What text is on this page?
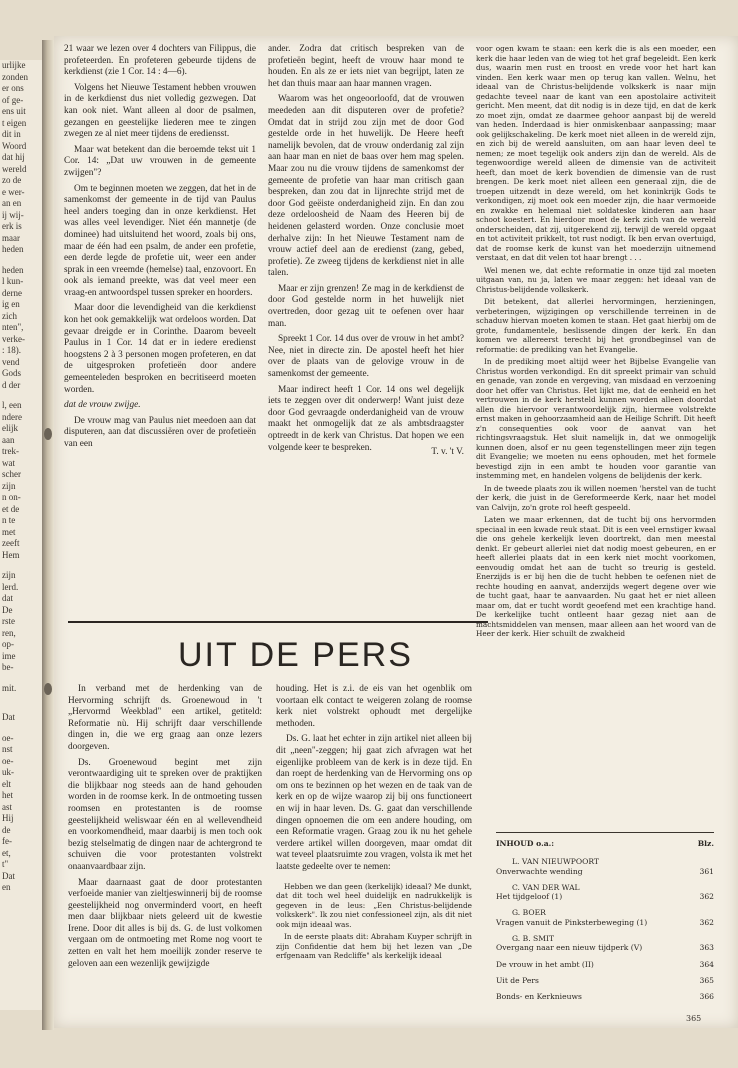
urlijke

zonden

er ons

of ge-

ens uit

t eigen

dit in

Woord

dat hij

wereld

zo de

e wer-

an en

ij wij-

erk is

maar

heden

heden

l kun-

derne

ig en

zich

nten",

verke-

: 18).

vend

Gods

d der

l, een

ndere

elijk

aan

trek-

wat

scher

zijn

n on-

et de

n te

met

zeeft

Hem

zijn

lerd.

dat

De

rste

ren,

op-

ime

be-

mit.

Dat

oe-

nst

oe-

uk-

elt

het

ast

Hij

de

fe-

et,

t"

Dat

en

21 waar we lezen over 4 dochters van Filippus, die profeteerden. En profeteren gebeurde tijdens de kerkdienst (zie 1 Cor. 14 : 4—6).

Volgens het Nieuwe Testament hebben vrouwen in de kerkdienst dus niet volledig gezwegen. Dat kan ook niet. Want alleen al door de psalmen, gezangen en geestelijke liederen mee te zingen zwegen ze al niet meer tijdens de erediensst.

Maar wat betekent dan die beroemde tekst uit 1 Cor. 14: „Dat uw vrouwen in de gemeente zwijgen"?

Om te beginnen moeten we zeggen, dat het in de samenkomst der gemeente in de tijd van Paulus heel anders toeging dan in onze kerkdienst. Het was alles veel levendiger. Niet één mannetje (de dominee) had uitsluitend het woord, zoals bij ons, maar de één had een psalm, de ander een profetie, een derde legde de profetie uit, weer een ander sprak in een vreemde (hemelse) taal, enzovoort. En ook als iemand preekte, was dat veel meer een vraag-en antwoordspel tussen spreker en hoorders.

Maar door die levendigheid van die kerkdienst kon het ook gemakkelijk wat ordeloos worden. Dat gevaar dreigde er in Corinthe. Daarom beveelt Paulus in 1 Cor. 14 dat er in iedere eredienst hoogstens 2 à 3 personen mogen profeteren, en dat de uitgesproken profetieën door andere gemeenteleden besproken en becritiseerd moeten worden.

dat de vrouw zwijge.

De vrouw mag van Paulus niet meedoen aan dat disputeren, aan dat discussiëren over de profetieën van een

ander. Zodra dat critisch bespreken van de profetieën begint, heeft de vrouw haar mond te houden. En als ze er iets niet van begrijpt, laten ze het dan thuis maar aan haar mannen vragen.

Waarom was het ongeoorloofd, dat de vrouwen meededen aan dit disputeren over de profetie? Omdat dat in strijd zou zijn met de door God gestelde orde in het huwelijk. De Heere heeft namelijk bevolen, dat de vrouw onderdanig zal zijn aan haar man en niet de baas over hem mag spelen. Maar zou nu die vrouw tijdens de samenkomst der gemeente de profetie van haar man critisch gaan bespreken, dan zou dat in lijnrechte strijd met de door God geëiste onderdanigheid zijn. En dan zou deze ordeloosheid de Naam des Heeren bij de heidenen gelasterd worden. Onze conclusie moet derhalve zijn: In het Nieuwe Testament nam de vrouw actief deel aan de eredienst (zang, gebed, profetie). Ze zweeg tijdens de kerkdienst niet in alle talen.

Maar er zijn grenzen! Ze mag in de kerkdienst de door God gestelde norm in het huwelijk niet overtreden, door gezag uit te oefenen over haar man.

Spreekt 1 Cor. 14 dus over de vrouw in het ambt? Nee, niet in directe zin. De apostel heeft het hier over de plaats van de gelovige vrouw in de samenkomst der gemeente.

Maar indirect heeft 1 Cor. 14 ons wel degelijk iets te zeggen over dit onderwerp! Want juist deze door God gevraagde onderdanigheid van de vrouw maakt het onmogelijk dat ze als ambtsdraagster optreedt in de kerk van Christus. Dat hopen we een volgende keer te bespreken.	T. v. 't V.

voor ogen kwam te staan: een kerk die is als een moeder, een kerk die haar leden van de wieg tot het graf begeleidt. Een kerk dus, waarin men rust en troost en vrede voor het hart kan vinden. Een kerk waar men op terug kan vallen. Welnu, het ideaal van de Christus-belijdende volkskerk is naar mijn gedachte teveel naar de kant van een apostolaire activiteit gericht. Men meent, dat dit nodig is in deze tijd, en dat de kerk zo moet zijn, omdat ze daarmee gehoor aanpast bij de wereld van heden. Inderdaad is hier onmiskenbaar aanpassing; maar ook gelijkschakeling. De kerk moet niet alleen in de wereld zijn, en zich bij de wereld aansluiten, om aan haar leven deel te nemen; ze moet tegelijk ook anders zijn dan de wereld. Als de tegenwoordige wereld alleen de dimensie van de activiteit heeft, dan moet de kerk bovendien de dimensie van de rust brengen. De kerk moet niet alleen een generaal zijn, die de troepen uitzendt in deze wereld, om het koninkrijk Gods te verkondigen, zij moet ook een moeder zijn, die haar vermoeide en zwakke en helemaal niet soldateske kinderen aan haar schoot koestert. En hierdoor moet de kerk zich van de wereld onderscheiden, dat zij, uitgerekend zij, terwijl de wereld opgaat en tot activiteit prikkelt, tot rust nodigt. Ik ben ervan overtuigd, dat de roomse kerk de kunst van het moederzijn uitnemend verstaat, en dat dit velen tot haar brengt . . .

Wel menen we, dat echte reformatie in onze tijd zal moeten uitgaan van, nu ja, laten we maar zeggen: het ideaal van de Christus-belijdende volkskerk.

Dit betekent, dat allerlei hervormingen, herzieningen, verbeteringen, wijzigingen op verschillende terreinen in de schaduw hiervan moeten komen te staan. Het gaat hierbij om de grote, fundamentele, beslissende dingen der kerk. En dan komen we allereerst terecht bij het grondbeginsel van de reformatie: de prediking van het Evangelie.

In de prediking moet altijd weer het Bijbelse Evangelie van Christus worden verkondigd. En dit spreekt primair van schuld en genade, van zonde en vergeving, van misdaad en verzoening door het offer van Christus. Het lijkt me, dat de eenheid en het vertrouwen in de kerk hersteld kunnen worden alleen doordat allen die hiervoor verantwoordelijk zijn, hiermee volstrekte ernst maken in gehoorzaamheid aan de Heilige Schrift. Dit heeft z'n consequenties ook voor de aanvat van het richtingsvraagstuk. Het sluit namelijk in, dat we onmogelijk kunnen doen, alsof er nu geen tegenstellingen meer zijn tegen dit Evangelie; we moeten nu eens ophouden, met het formele bevestigd zijn in een ambt te houden voor garantie van instemming met, en handelen volgens de belijdenis der kerk.

In de tweede plaats zou ik willen noemen 'herstel van de tucht der kerk, die juist in de Gereformeerde Kerk, naar het model van Calvijn, zo'n grote rol heeft gespeeld.

Laten we maar erkennen, dat de tucht bij ons hervormden speciaal in een kwade reuk staat. Dit is een veel ernstiger kwaal die ons gehele kerkelijk leven doortrekt, dan men meestal denkt. Er gebeurt allerlei niet dat nodig moest gebeuren, en er heeft allerlei plaats dat in een kerk niet mocht voorkomen, eenvoudig omdat het aan de tucht so treurig is gesteld. Enerzijds is er bij hen die de tucht hebben te oefenen niet de rechte houding en aanvat, anderzijds wegert degene over wie de tucht gaat, haar te aanvaarden. Nu gaat het er niet alleen maar om, dat er tucht wordt geoefend met een krachtige hand. De kerkelijke tucht ontleent haar gezag niet aan de machtsmiddelen van mensen, maar alleen aan het woord van de Heer der kerk. Hier schuilt de zwakheid

UIT DE PERS

In verband met de herdenking van de Hervorming schrijft ds. Groenewoud in 't „Hervormd Weekblad" een artikel, getiteld: Reformatie nù. Hij schrijft daar verschillende dingen in, die we erg graag aan onze lezers doorgeven.

Ds. Groenewoud begint met zijn verontwaardiging uit te spreken over de praktijken die blijkbaar nog steeds aan de hand gehouden worden in de roomse kerk. In de ontmoeting tussen roomsen en protestanten is de roomse geestelijkheid weliswaar één en al wellevendheid en voorkomendheid, maar daarbij is men toch ook bezig stelselmatig de dingen naar de achtergrond te schuiven die voor protestanten volstrekt onaanvaardbaar zijn.

Maar daarnaast gaat de door protestanten verfoeide manier van zieltjeswinnerij bij de roomse geestelijkheid nog onverminderd voort, en heeft men daar blijkbaar niets geleerd uit de kwestie Irene. Door dit alles is bij ds. G. de lust volkomen vergaan om de ontmoeting met Rome nog voort te zetten en valt het hem moeilijk zonder reserve te geloven aan een wezenlijk gewijzigde

houding. Het is z.i. de eis van het ogenblik om voortaan elk contact te weigeren zolang de roomse kerk niet volstrekt ophoudt met dergelijke methoden.

Ds. G. laat het echter in zijn artikel niet alleen bij dit „neen"-zeggen; hij gaat zich afvragen wat het eigenlijke probleem van de kerk is in deze tijd. En dan roept de herdenking van de Hervorming ons op om ons te bezinnen op het wezen en de taak van de kerk en op de wijze waarop zij bij ons functioneert en wij in haar leven. Ds. G. gaat dan verschillende dingen opnoemen die om een andere houding, om een Reformatie vragen. Graag zou ik nu het gehele verdere artikel willen doorgeven, maar omdat dit wat teveel plaatsruimte zou vragen, volsta ik met het laatste gedeelte over te nemen:

Hebben we dan geen (kerkelijk) ideaal? Me dunkt, dat dit toch wel heel duidelijk en nadrukkelijk is gegeven in de leus: „Een Christus-belijdende volkskerk". Ik zou niet confessioneel zijn, als dit niet ook mijn ideaal was.

In de eerste plaats dit: Abraham Kuyper schrijft in zijn Confidentie dat hem bij het lezen van „De erfgenaam van Redcliffe" als kerkelijk ideaal

INHOUD o.a.:	Blz.
L. VAN NIEUWPOORT
Onverwachte wending	361
C. VAN DER WAL
Het tijdgeloof (1)	362
G. BOER
Vragen vanuit de Pinksterbeweging (1)	362
G. B. SMIT
Overgang naar een nieuw tijdperk (V)	363
De vrouw in het ambt (II)	364
Uit de Pers	365
Bonds- en Kerknieuws	366
365
